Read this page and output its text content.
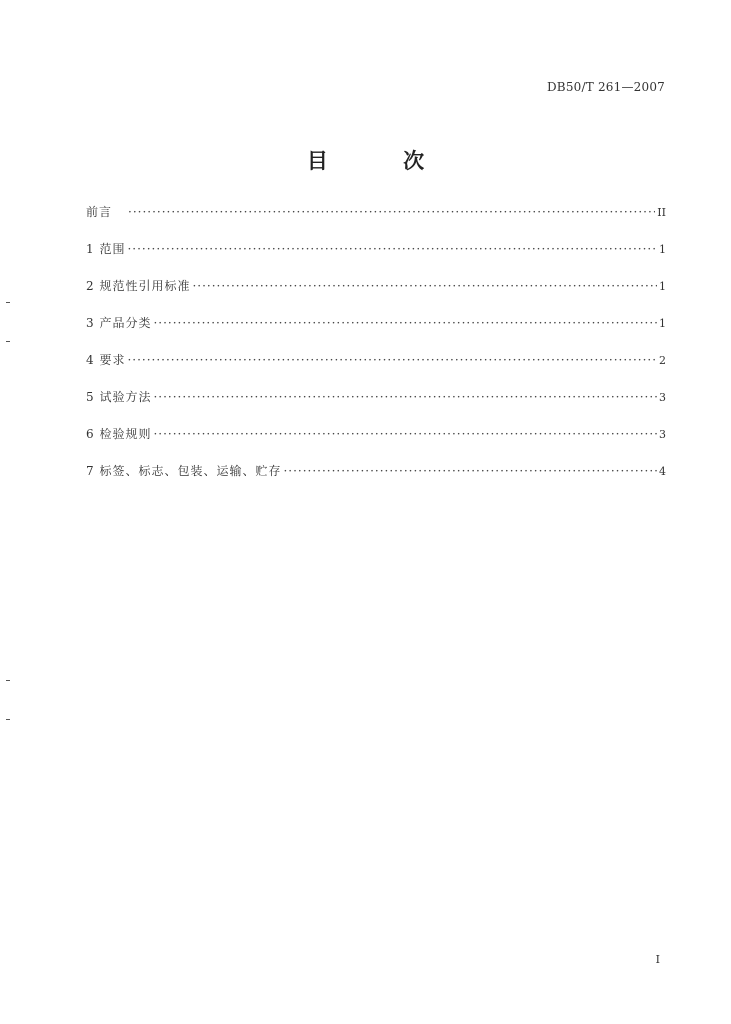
DB50/T 261—2007
目 次
前言 ·····	II
1 范围 ·····	1
2 规范性引用标准 ·····	1
3 产品分类 ·····	1
4 要求 ·····	2
5 试验方法 ·····	3
6 检验规则 ·····	3
7 标签、标志、包装、运输、贮存 ·····	4
I
